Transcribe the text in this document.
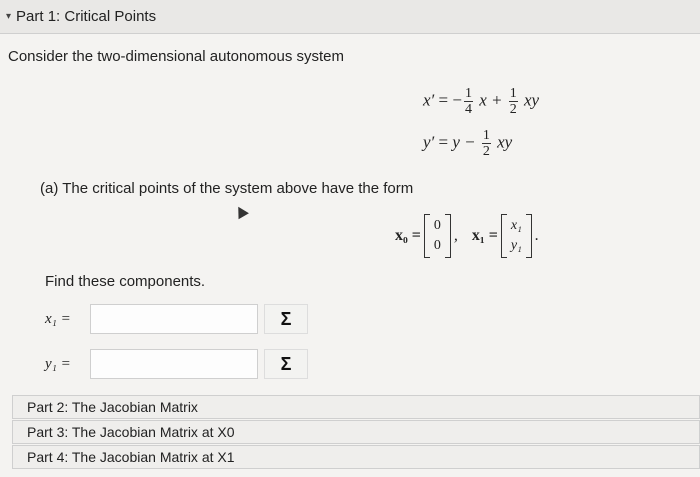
▾ Part 1: Critical Points
Consider the two-dimensional autonomous system
x′ = − $\frac{1}{4}$ $x + \frac{1}{2}$ xy
$y' = y - \frac{1}{2}$ xy
(a) The critical points of the system above have the form
x₀ =
0
0
, x₁ =
x₁
y₁
.
Find these components.
x₁ =	Σ
y₁ =	Σ
Part 2: The Jacobian Matrix
Part 3: The Jacobian Matrix at X0
Part 4: The Jacobian Matrix at X1
